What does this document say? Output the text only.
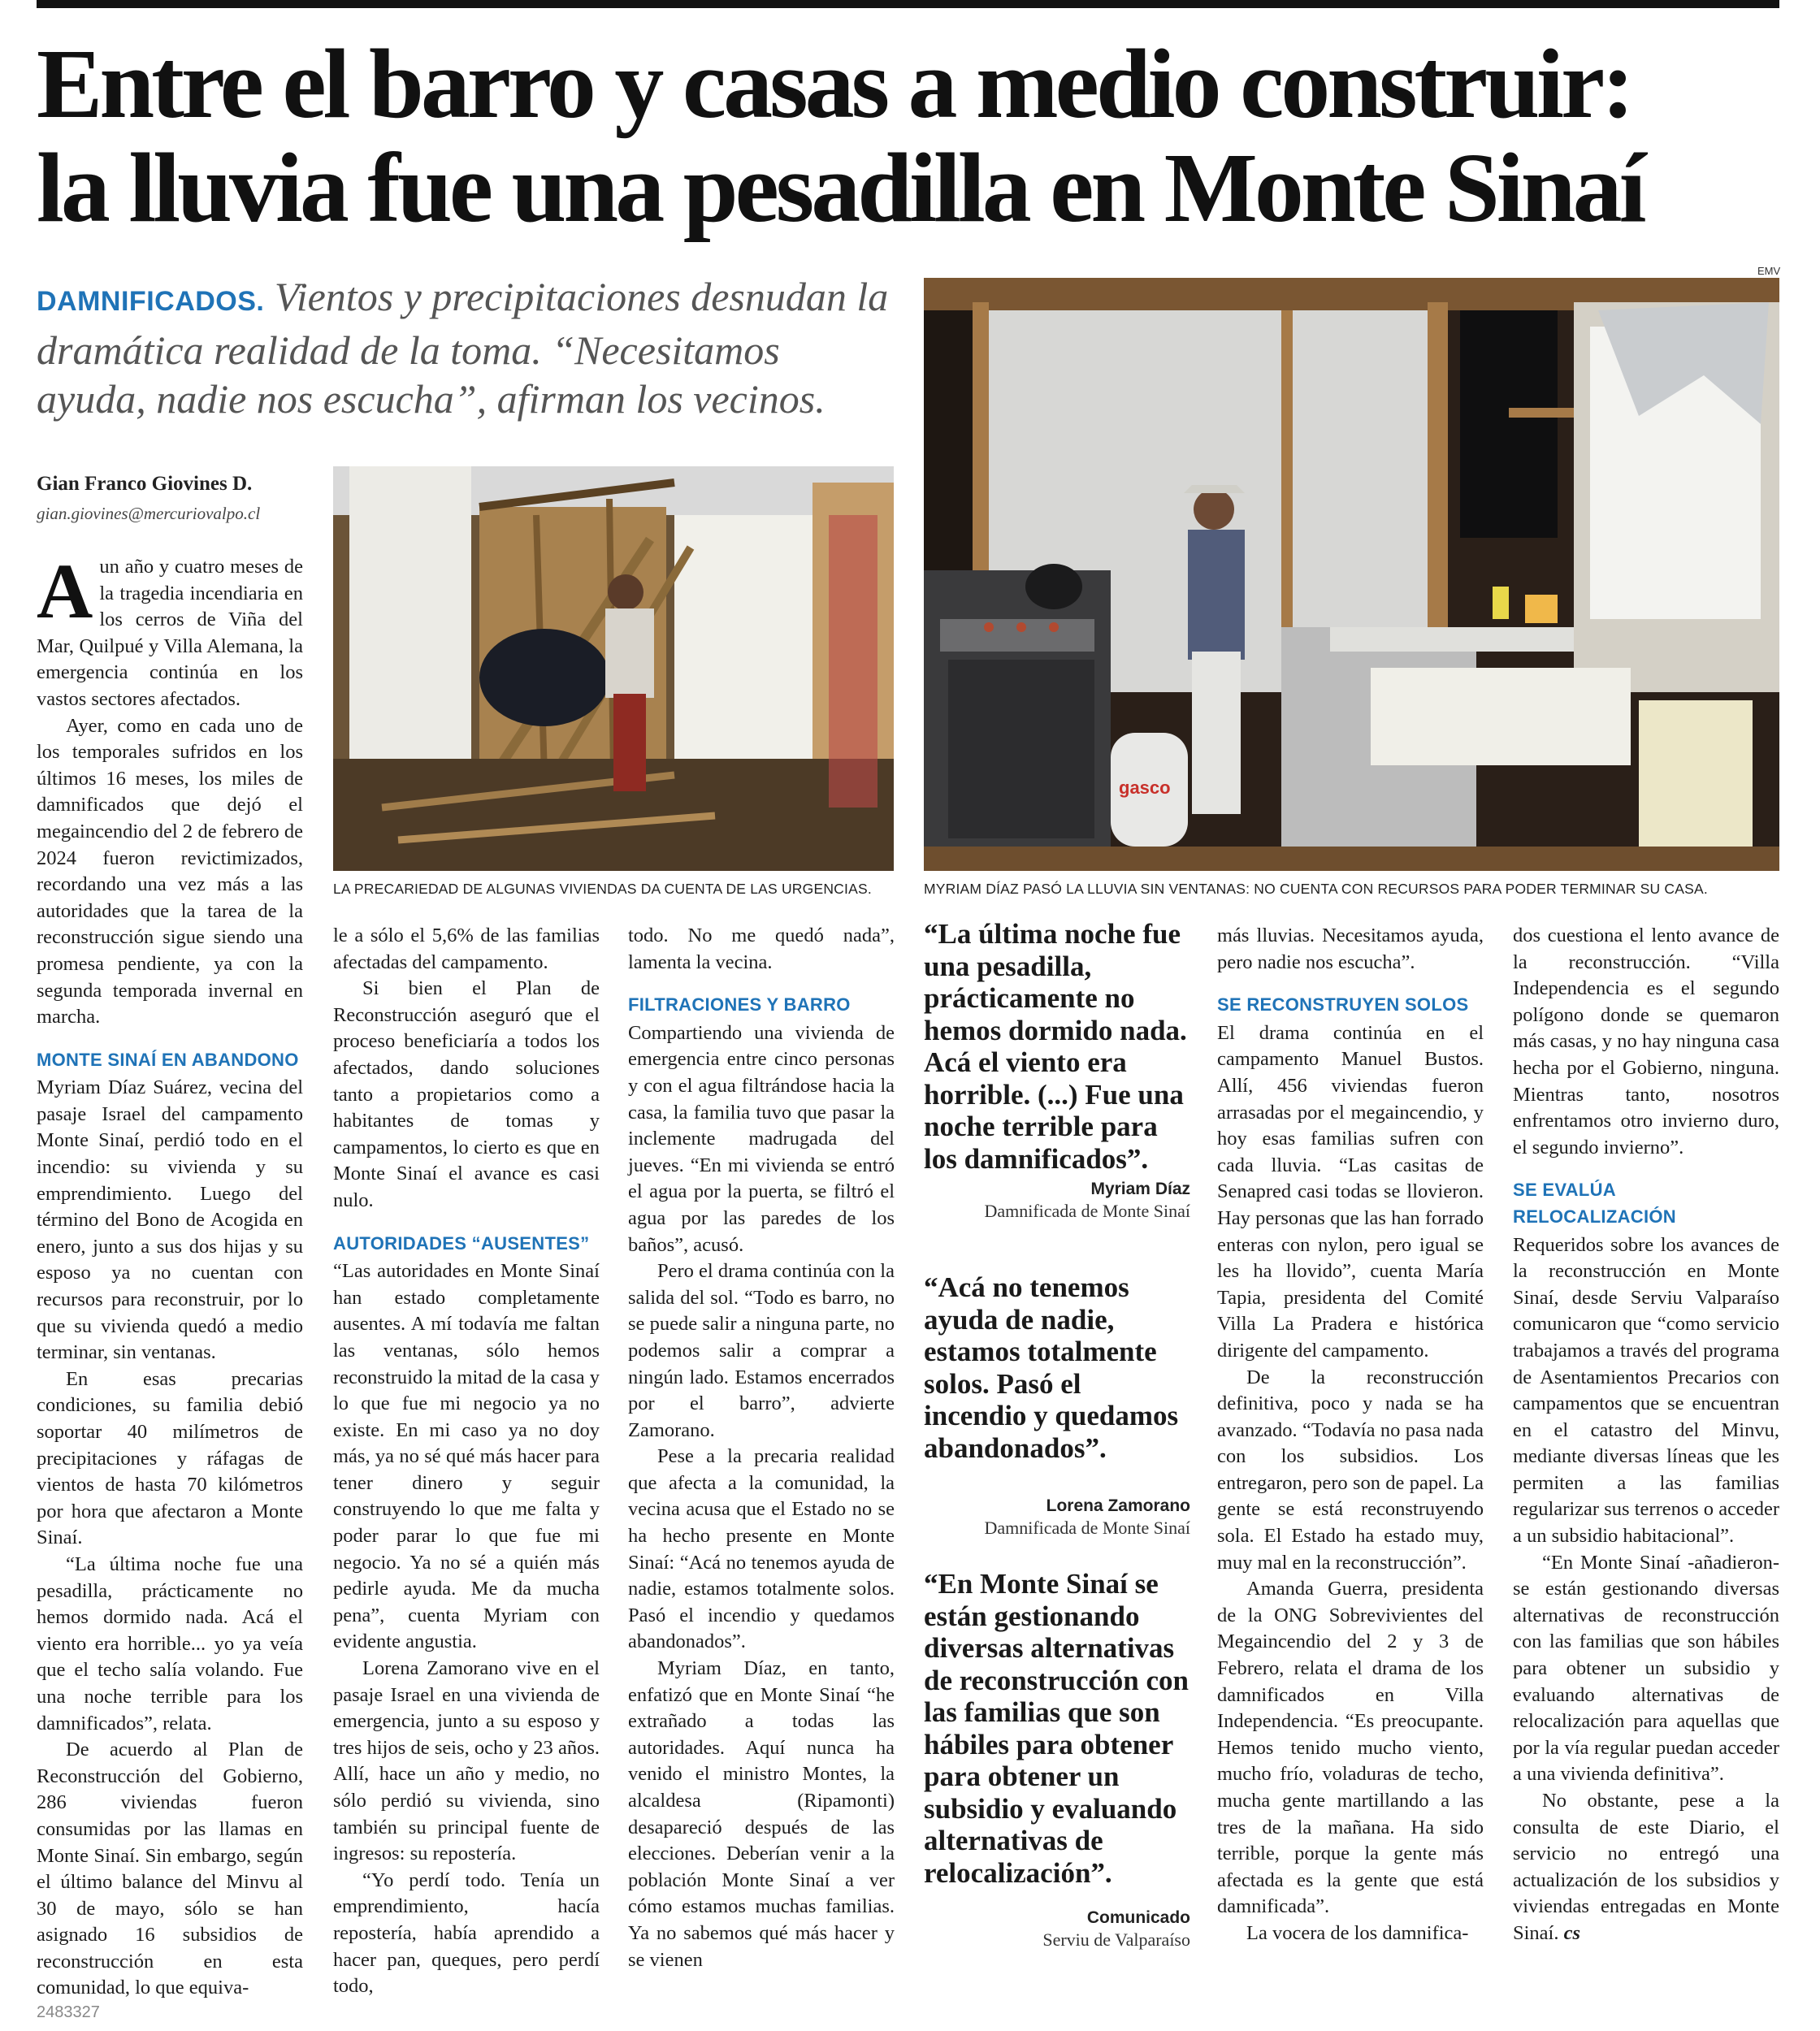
Entre el barro y casas a medio construir:
la lluvia fue una pesadilla en Monte Sinaí
DAMNIFICADOS. Vientos y precipitaciones desnudan la dramática realidad de la toma. “Necesitamos ayuda, nadie nos escucha”, afirman los vecinos.
Gian Franco Giovines D.
gian.giovines@mercuriovalpo.cl
LA PRECARIEDAD DE ALGUNAS VIVIENDAS DA CUENTA DE LAS URGENCIAS.
EMV
gasco
MYRIAM DÍAZ PASÓ LA LLUVIA SIN VENTANAS: NO CUENTA CON RECURSOS PARA PODER TERMINAR SU CASA.

Aun año y cuatro meses de la tragedia incendiaria en los cerros de Viña del Mar, Quilpué y Villa Alemana, la emergencia continúa en los vastos sectores afectados.

Ayer, como en cada uno de los temporales sufridos en los últimos 16 meses, los miles de damnificados que dejó el megaincendio del 2 de febrero de 2024 fueron revictimizados, recordando una vez más a las autoridades que la tarea de la reconstrucción sigue siendo una promesa pendiente, ya con la segunda temporada invernal en marcha.

MONTE SINAÍ EN ABANDONO

Myriam Díaz Suárez, vecina del pasaje Israel del campamento Monte Sinaí, perdió todo en el incendio: su vivienda y su emprendimiento. Luego del término del Bono de Acogida en enero, junto a sus dos hijas y su esposo ya no cuentan con recursos para reconstruir, por lo que su vivienda quedó a medio terminar, sin ventanas.

En esas precarias condiciones, su familia debió soportar 40 milímetros de precipitaciones y ráfagas de vientos de hasta 70 kilómetros por hora que afectaron a Monte Sinaí.

“La última noche fue una pesadilla, prácticamente no hemos dormido nada. Acá el viento era horrible... yo ya veía que el techo salía volando. Fue una noche terrible para los damnificados”, relata.

De acuerdo al Plan de Reconstrucción del Gobierno, 286 viviendas fueron consumidas por las llamas en Monte Sinaí. Sin embargo, según el último balance del Minvu al 30 de mayo, sólo se han asignado 16 subsidios de reconstrucción en esta comunidad, lo que equiva-

le a sólo el 5,6% de las familias afectadas del campamento.

Si bien el Plan de Reconstrucción aseguró que el proceso beneficiaría a todos los afectados, dando soluciones tanto a propietarios como a habitantes de tomas y campamentos, lo cierto es que en Monte Sinaí el avance es casi nulo.

AUTORIDADES “AUSENTES”

“Las autoridades en Monte Sinaí han estado completamente ausentes. A mí todavía me faltan las ventanas, sólo hemos reconstruido la mitad de la casa y lo que fue mi negocio ya no existe. En mi caso ya no doy más, ya no sé qué más hacer para tener dinero y seguir construyendo lo que me falta y poder parar lo que fue mi negocio. Ya no sé a quién más pedirle ayuda. Me da mucha pena”, cuenta Myriam con evidente angustia.

Lorena Zamorano vive en el pasaje Israel en una vivienda de emergencia, junto a su esposo y tres hijos de seis, ocho y 23 años. Allí, hace un año y medio, no sólo perdió su vivienda, sino también su principal fuente de ingresos: su repostería.

“Yo perdí todo. Tenía un emprendimiento, hacía repostería, había aprendido a hacer pan, queques, pero perdí todo,

todo. No me quedó nada”, lamenta la vecina.

FILTRACIONES Y BARRO

Compartiendo una vivienda de emergencia entre cinco personas y con el agua filtrándose hacia la casa, la familia tuvo que pasar la inclemente madrugada del jueves. “En mi vivienda se entró el agua por la puerta, se filtró el agua por las paredes de los baños”, acusó.

Pero el drama continúa con la salida del sol. “Todo es barro, no se puede salir a ninguna parte, no podemos salir a comprar a ningún lado. Estamos encerrados por el barro”, advierte Zamorano.

Pese a la precaria realidad que afecta a la comunidad, la vecina acusa que el Estado no se ha hecho presente en Monte Sinaí: “Acá no tenemos ayuda de nadie, estamos totalmente solos. Pasó el incendio y quedamos abandonados”.

Myriam Díaz, en tanto, enfatizó que en Monte Sinaí “he extrañado a todas las autoridades. Aquí nunca ha venido el ministro Montes, la alcaldesa (Ripamonti) desapareció después de las elecciones. Deberían venir a la población Monte Sinaí a ver cómo estamos muchas familias. Ya no sabemos qué más hacer y se vienen

“La última noche fue una pesadilla, prácticamente no hemos dormido nada. Acá el viento era horrible. (...) Fue una noche terrible para los damnificados”.
Myriam Díaz
Damnificada de Monte Sinaí
“Acá no tenemos ayuda de nadie, estamos totalmente solos. Pasó el incendio y quedamos abandonados”.
Lorena Zamorano
Damnificada de Monte Sinaí
“En Monte Sinaí se están gestionando diversas alternativas de reconstrucción con las familias que son hábiles para obtener para obtener un subsidio y evaluando alternativas de relocalización”.
Comunicado
Serviu de Valparaíso

más lluvias. Necesitamos ayuda, pero nadie nos escucha”.

SE RECONSTRUYEN SOLOS

El drama continúa en el campamento Manuel Bustos. Allí, 456 viviendas fueron arrasadas por el megaincendio, y hoy esas familias sufren con cada lluvia. “Las casitas de Senapred casi todas se llovieron. Hay personas que las han forrado enteras con nylon, pero igual se les ha llovido”, cuenta María Tapia, presidenta del Comité Villa La Pradera e histórica dirigente del campamento.

De la reconstrucción definitiva, poco y nada se ha avanzado. “Todavía no pasa nada con los subsidios. Los entregaron, pero son de papel. La gente se está reconstruyendo sola. El Estado ha estado muy, muy mal en la reconstrucción”.

Amanda Guerra, presidenta de la ONG Sobrevivientes del Megaincendio del 2 y 3 de Febrero, relata el drama de los damnificados en Villa Independencia. “Es preocupante. Hemos tenido mucho viento, mucho frío, voladuras de techo, mucha gente martillando a las tres de la mañana. Ha sido terrible, porque la gente más afectada es la gente que está damnificada”.

La vocera de los damnifica-

dos cuestiona el lento avance de la reconstrucción. “Villa Independencia es el segundo polígono donde se quemaron más casas, y no hay ninguna casa hecha por el Gobierno, ninguna. Mientras tanto, nosotros enfrentamos otro invierno duro, el segundo invierno”.

SE EVALÚA RELOCALIZACIÓN

Requeridos sobre los avances de la reconstrucción en Monte Sinaí, desde Serviu Valparaíso comunicaron que “como servicio trabajamos a través del programa de Asentamientos Precarios con campamentos que se encuentran en el catastro del Minvu, mediante diversas líneas que les permiten a las familias regularizar sus terrenos o acceder a un subsidio habitacional”.

“En Monte Sinaí -añadieron- se están gestionando diversas alternativas de reconstrucción con las familias que son hábiles para obtener un subsidio y evaluando alternativas de relocalización para aquellas que por la vía regular puedan acceder a una vivienda definitiva”.

No obstante, pese a la consulta de este Diario, el servicio no entregó una actualización de los subsidios y viviendas entregadas en Monte Sinaí. cs

2483327
